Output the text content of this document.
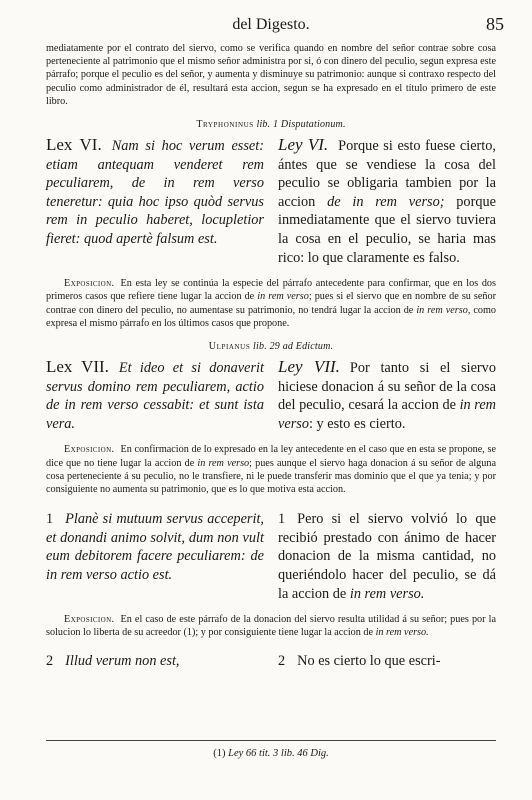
del Digesto.	85

mediatamente por el contrato del siervo, como se verifica quando en nombre del señor contrae sobre cosa perteneciente al patrimonio que el mismo señor administra por si, ó con dinero del peculio, segun expresa este párrafo; porque el peculio es del señor, y aumenta y disminuye su patrimonio: aunque si contraxo respecto del peculio como administrador de él, resultará esta accion, segun se ha expresado en el título primero de este libro.

Tryphoninus lib. 1 Disputationum.
Lex VI. Nam si hoc verum esset: etiam antequam venderet rem peculiarem, de in rem verso teneretur: quia hoc ipso quòd servus rem in peculio haberet, locupletior fieret: quod apertè falsum est.
Ley VI. Porque si esto fuese cierto, ántes que se vendiese la cosa del peculio se obligaria tambien por la accion de in rem verso; porque inmediatamente que el siervo tuviera la cosa en el peculio, se haria mas rico: lo que claramente es falso.

Exposicion. En esta ley se continúa la especie del párrafo antecedente para confirmar, que en los dos primeros casos que refiere tiene lugar la accion de in rem verso; pues si el siervo que en nombre de su señor contrae con dinero del peculio, no aumentase su patrimonio, no tendrá lugar la accion de in rem verso, como expresa el mismo párrafo en los últimos casos que propone.

Ulpianus lib. 29 ad Edictum.
Lex VII. Et ideo et si donaverit servus domino rem peculiarem, actio de in rem verso cessabit: et sunt ista vera.
Ley VII. Por tanto si el siervo hiciese donacion á su señor de la cosa del peculio, cesará la accion de in rem verso: y esto es cierto.

Exposicion. En confirmacion de lo expresado en la ley antecedente en el caso que en esta se propone, se dice que no tiene lugar la accion de in rem verso; pues aunque el siervo haga donacion á su señor de alguna cosa perteneciente á su peculio, no le transfiere, ni le puede transferir mas dominio que el que ya tenia; y por consiguiente no aumenta su patrimonio, que es lo que motiva esta accion.

1 Planè si mutuum servus acceperit, et donandi animo solvit, dum non vult eum debitorem facere peculiarem: de in rem verso actio est.
1 Pero si el siervo volvió lo que recibió prestado con ánimo de hacer donacion de la misma cantidad, no queriéndolo hacer del peculio, se dá la accion de in rem verso.

Exposicion. En el caso de este párrafo de la donacion del siervo resulta utilidad á su señor; pues por la solucion lo liberta de su acreedor (1); y por consiguiente tiene lugar la accion de in rem verso.

2 Illud verum non est,	2 No es cierto lo que escri-
(1) Ley 66 tit. 3 lib. 46 Dig.
